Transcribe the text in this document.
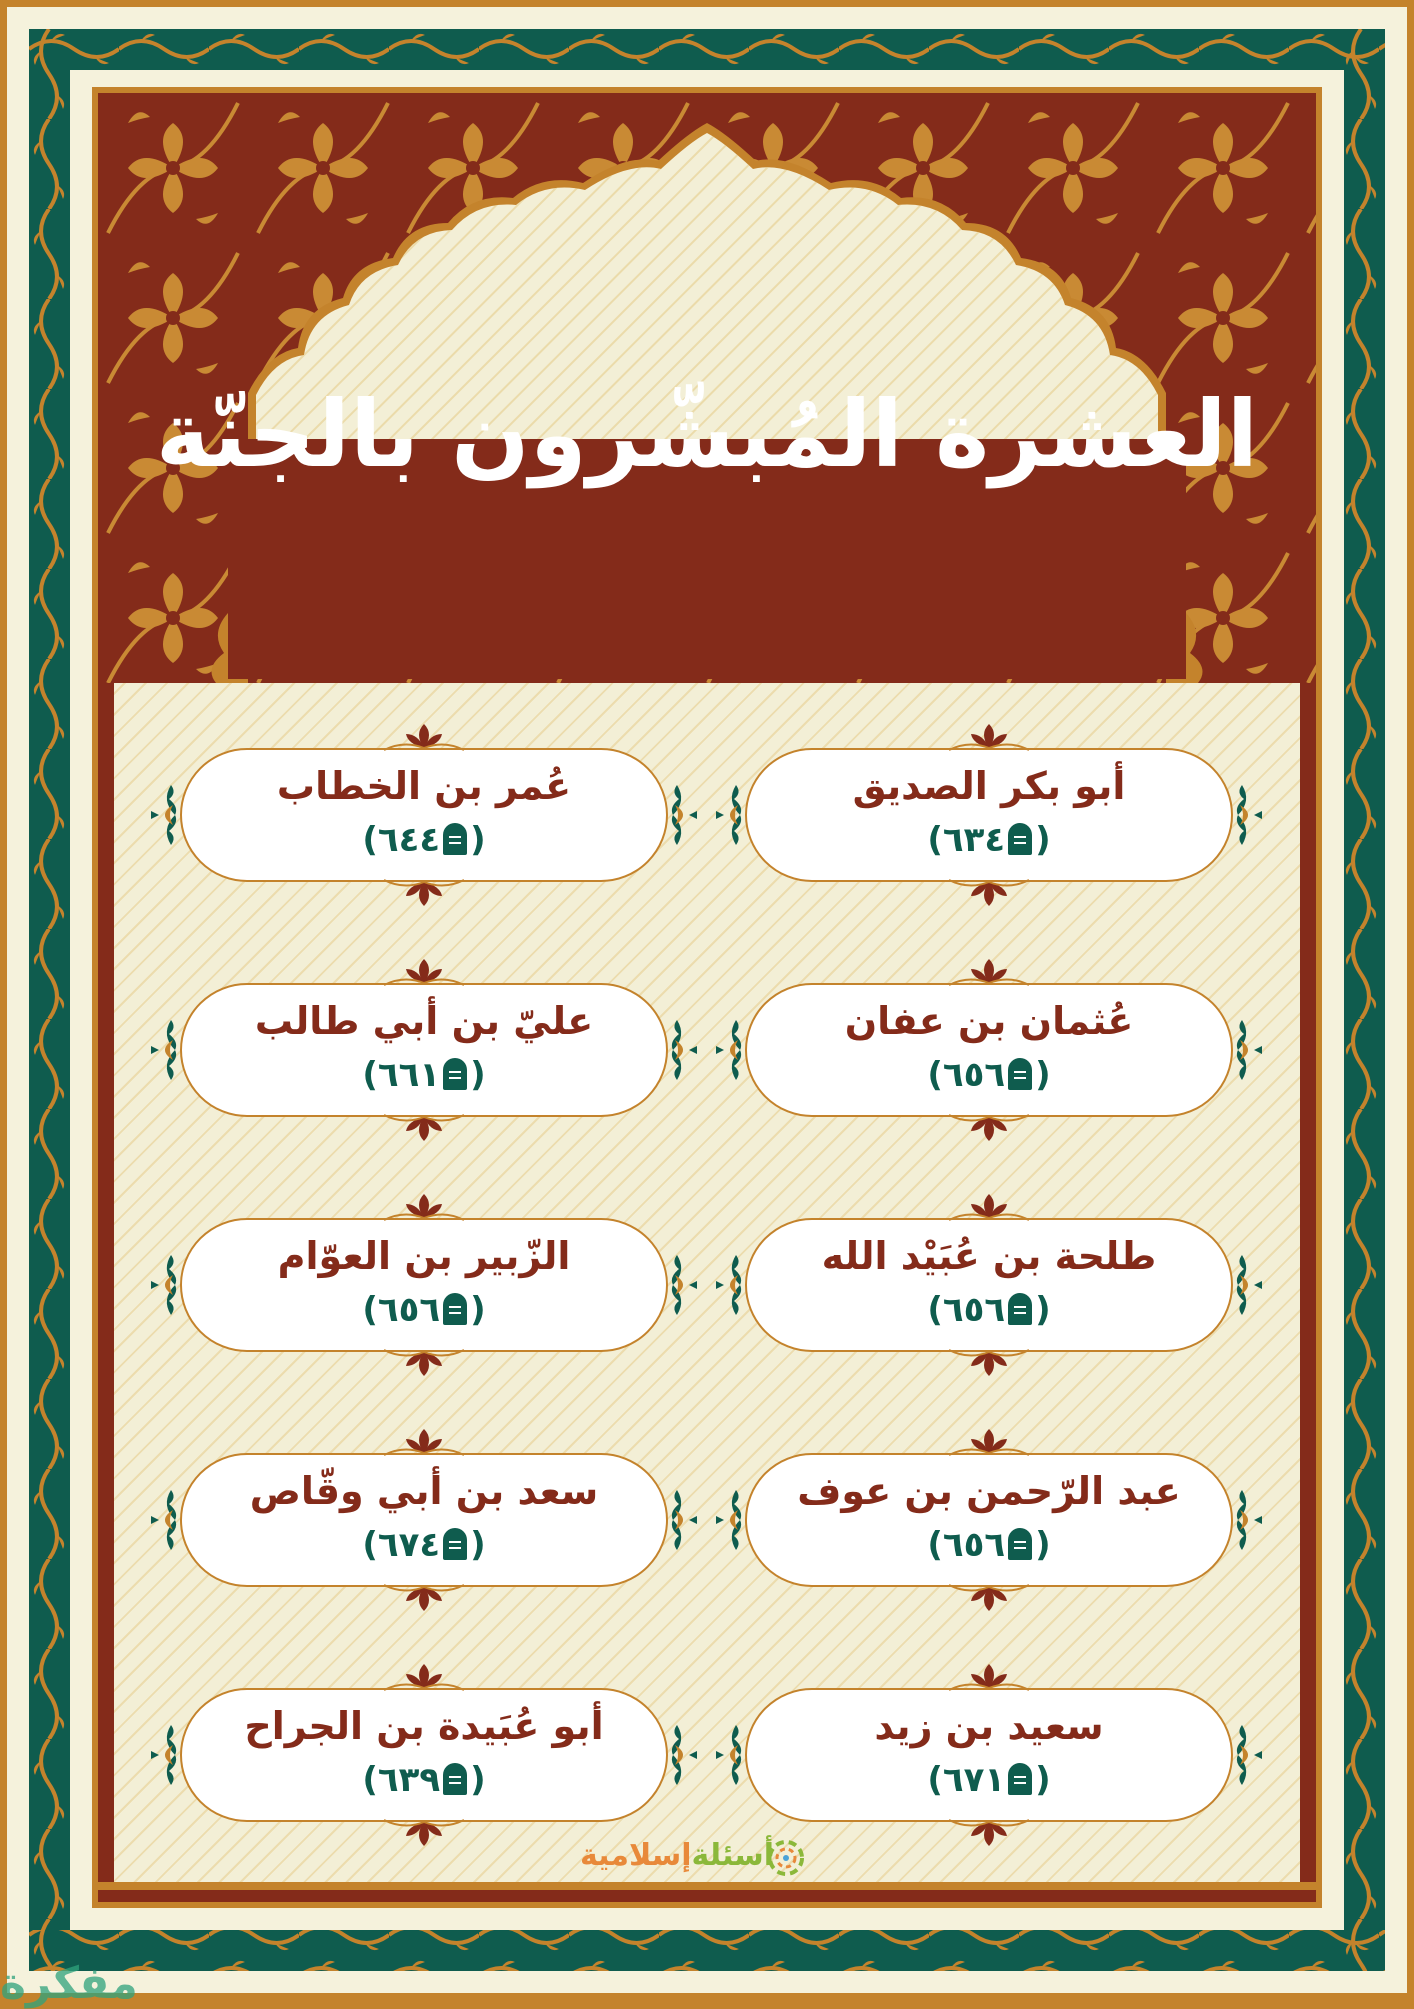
العشرة المُبشّرون بالجنّة
أبو بكر الصديق
(٦٣٤)
عُمر بن الخطاب
(٦٤٤)
عُثمان بن عفان
(٦٥٦)
عليّ بن أبي طالب
(٦٦١)
طلحة بن عُبَيْد الله
(٦٥٦)
الزّبير بن العوّام
(٦٥٦)
عبد الرّحمن بن عوف
(٦٥٦)
سعد بن أبي وقّاص
(٦٧٤)
سعيد بن زيد
(٦٧١)
أبو عُبَيدة بن الجراح
(٦٣٩)
أسئلةإسلامية
مفكرة
